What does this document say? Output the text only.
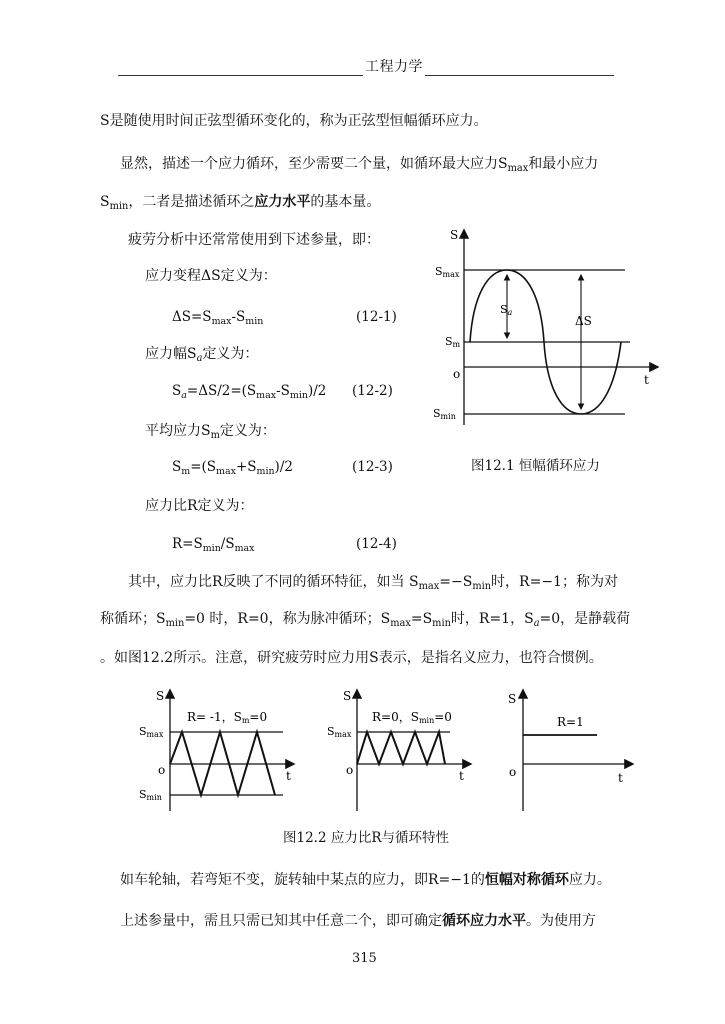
工程力学
S是随使用时间正弦型循环变化的，称为正弦型恒幅循环应力。
显然，描述一个应力循环，至少需要二个量，如循环最大应力$S_{max}$和最小应力
$S_{min}$，二者是描述循环之应力水平的基本量。
疲劳分析中还常常使用到下述参量，即：
应力变程ΔS定义为：
$\Delta S=S_{max}-S_{min}$	(12-1)
应力幅$S_a$定义为：
$S_a=\Delta S/2=(S_{max}-S_{min})/2$ (12-2)
平均应力$S_m$定义为：
$S_m=(S_{max}+S_{min})/2$	(12-3)
应力比R定义为：
$R=S_{min}/S_{max}$	(12-4)
S
t
o
Smax
Sm
Smin
Sa
ΔS
图12.1 恒幅循环应力
其中，应力比R反映了不同的循环特征，如当 $S_{max}=-S_{min}$时，R=−1；称为对
称循环；$S_{min}=0$ 时，R=0，称为脉冲循环；$S_{max}=S_{min}$时，R=1，$S_a=0$，是静载荷
。如图12.2所示。注意，研究疲劳时应力用S表示，是指名义应力，也符合惯例。
S
t
o
Smax
Smin
R= -1，Sm=0
S
t
o
Smax
R=0，Smin=0
S
t
o
R=1
图12.2 应力比R与循环特性
如车轮轴，若弯矩不变，旋转轴中某点的应力，即R=−1的恒幅对称循环应力。
上述参量中，需且只需已知其中任意二个，即可确定循环应力水平。为使用方
315
